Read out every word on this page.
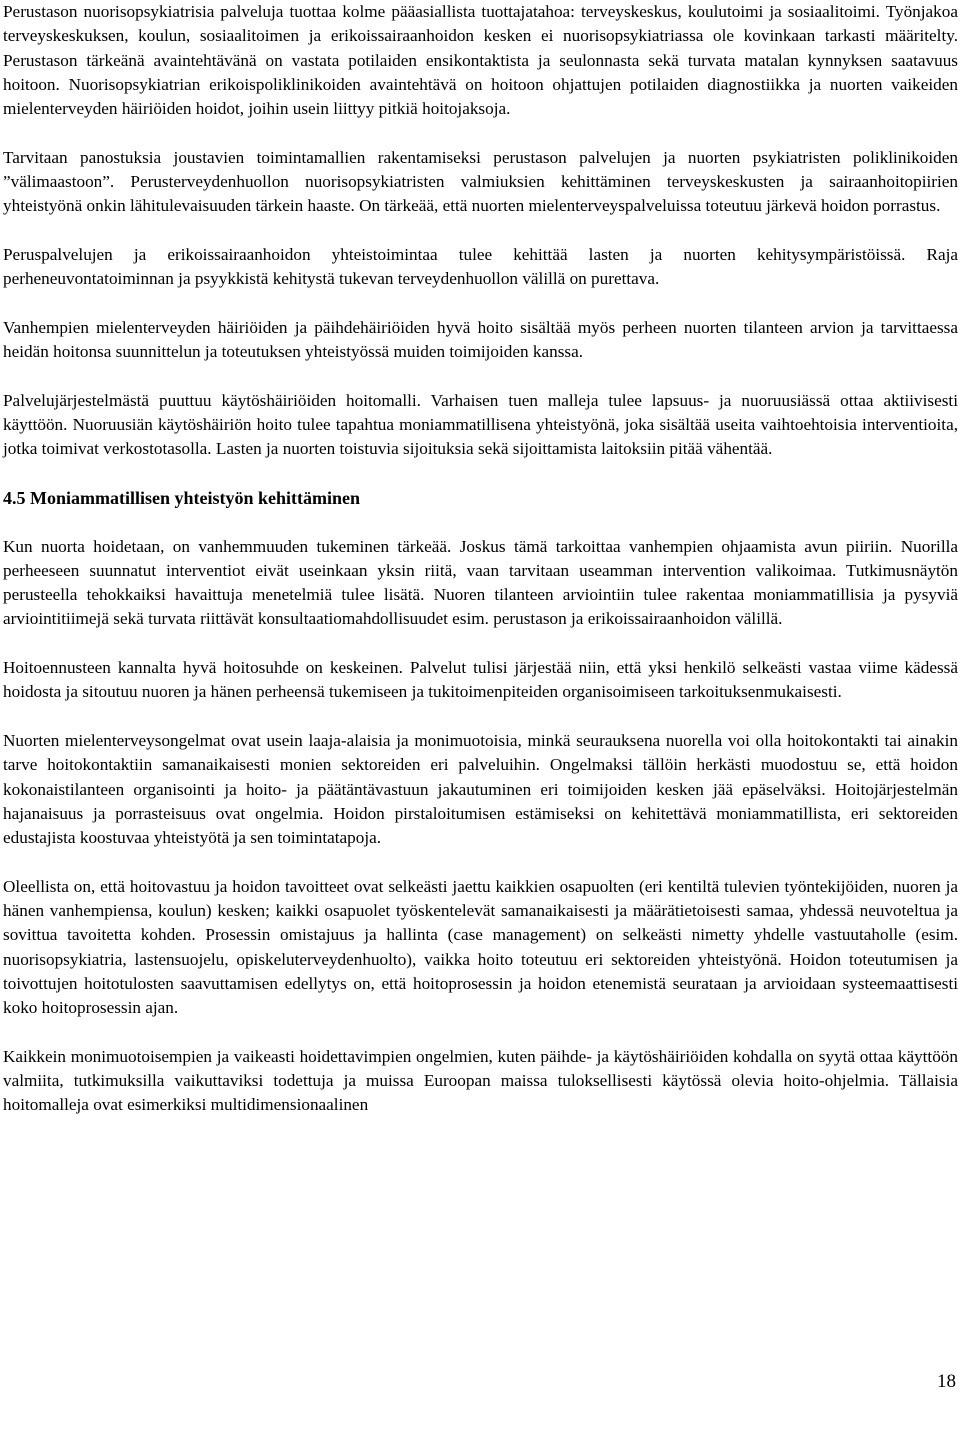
Perustason nuorisopsykiatrisia palveluja tuottaa kolme pääasiallista tuottajatahoa: terveyskeskus, koulutoimi ja sosiaalitoimi. Työnjakoa terveyskeskuksen, koulun, sosiaalitoimen ja erikoissairaanhoidon kesken ei nuorisopsykiatriassa ole kovinkaan tarkasti määritelty. Perustason tärkeänä avaintehtävänä on vastata potilaiden ensikontaktista ja seulonnasta sekä turvata matalan kynnyksen saatavuus hoitoon. Nuorisopsykiatrian erikoispoliklinikoiden avaintehtävä on hoitoon ohjattujen potilaiden diagnostiikka ja nuorten vaikeiden mielenterveyden häiriöiden hoidot, joihin usein liittyy pitkiä hoitojaksoja.

Tarvitaan panostuksia joustavien toimintamallien rakentamiseksi perustason palvelujen ja nuorten psykiatristen poliklinikoiden ”välimaastoon”. Perusterveydenhuollon nuorisopsykiatristen valmiuksien kehittäminen terveyskeskusten ja sairaanhoitopiirien yhteistyönä onkin lähitulevaisuuden tärkein haaste. On tärkeää, että nuorten mielenterveyspalveluissa toteutuu järkevä hoidon porrastus.

Peruspalvelujen ja erikoissairaanhoidon yhteistoimintaa tulee kehittää lasten ja nuorten kehitysympäristöissä. Raja perheneuvontatoiminnan ja psyykkistä kehitystä tukevan terveydenhuollon välillä on purettava.

Vanhempien mielenterveyden häiriöiden ja päihdehäiriöiden hyvä hoito sisältää myös perheen nuorten tilanteen arvion ja tarvittaessa heidän hoitonsa suunnittelun ja toteutuksen yhteistyössä muiden toimijoiden kanssa.

Palvelujärjestelmästä puuttuu käytöshäiriöiden hoitomalli. Varhaisen tuen malleja tulee lapsuus- ja nuoruusiässä ottaa aktiivisesti käyttöön. Nuoruusiän käytöshäiriön hoito tulee tapahtua moniammatillisena yhteistyönä, joka sisältää useita vaihtoehtoisia interventioita, jotka toimivat verkostotasolla. Lasten ja nuorten toistuvia sijoituksia sekä sijoittamista laitoksiin pitää vähentää.

4.5 Moniammatillisen yhteistyön kehittäminen

Kun nuorta hoidetaan, on vanhemmuuden tukeminen tärkeää. Joskus tämä tarkoittaa vanhempien ohjaamista avun piiriin. Nuorilla perheeseen suunnatut interventiot eivät useinkaan yksin riitä, vaan tarvitaan useamman intervention valikoimaa. Tutkimusnäytön perusteella tehokkaiksi havaittuja menetelmiä tulee lisätä. Nuoren tilanteen arviointiin tulee rakentaa moniammatillisia ja pysyviä arviointitiimejä sekä turvata riittävät konsultaatiomahdollisuudet esim. perustason ja erikoissairaanhoidon välillä.

Hoitoennusteen kannalta hyvä hoitosuhde on keskeinen. Palvelut tulisi järjestää niin, että yksi henkilö selkeästi vastaa viime kädessä hoidosta ja sitoutuu nuoren ja hänen perheensä tukemiseen ja tukitoimenpiteiden organisoimiseen tarkoituksenmukaisesti.

Nuorten mielenterveysongelmat ovat usein laaja-alaisia ja monimuotoisia, minkä seurauksena nuorella voi olla hoitokontakti tai ainakin tarve hoitokontaktiin samanaikaisesti monien sektoreiden eri palveluihin. Ongelmaksi tällöin herkästi muodostuu se, että hoidon kokonaistilanteen organisointi ja hoito- ja päätäntävastuun jakautuminen eri toimijoiden kesken jää epäselväksi. Hoitojärjestelmän hajanaisuus ja porrasteisuus ovat ongelmia. Hoidon pirstaloitumisen estämiseksi on kehitettävä moniammatillista, eri sektoreiden edustajista koostuvaa yhteistyötä ja sen toimintatapoja.

Oleellista on, että hoitovastuu ja hoidon tavoitteet ovat selkeästi jaettu kaikkien osapuolten (eri kentiltä tulevien työntekijöiden, nuoren ja hänen vanhempiensa, koulun) kesken; kaikki osapuolet työskentelevät samanaikaisesti ja määrätietoisesti samaa, yhdessä neuvoteltua ja sovittua tavoitetta kohden. Prosessin omistajuus ja hallinta (case management) on selkeästi nimetty yhdelle vastuutaholle (esim. nuorisopsykiatria, lastensuojelu, opiskeluterveydenhuolto), vaikka hoito toteutuu eri sektoreiden yhteistyönä. Hoidon toteutumisen ja toivottujen hoitotulosten saavuttamisen edellytys on, että hoitoprosessin ja hoidon etenemistä seurataan ja arvioidaan systeemaattisesti koko hoitoprosessin ajan.

Kaikkein monimuotoisempien ja vaikeasti hoidettavimpien ongelmien, kuten päihde- ja käytöshäiriöiden kohdalla on syytä ottaa käyttöön valmiita, tutkimuksilla vaikuttaviksi todettuja ja muissa Euroopan maissa tuloksellisesti käytössä olevia hoito-ohjelmia. Tällaisia hoitomalleja ovat esimerkiksi multidimensionaalinen

18
